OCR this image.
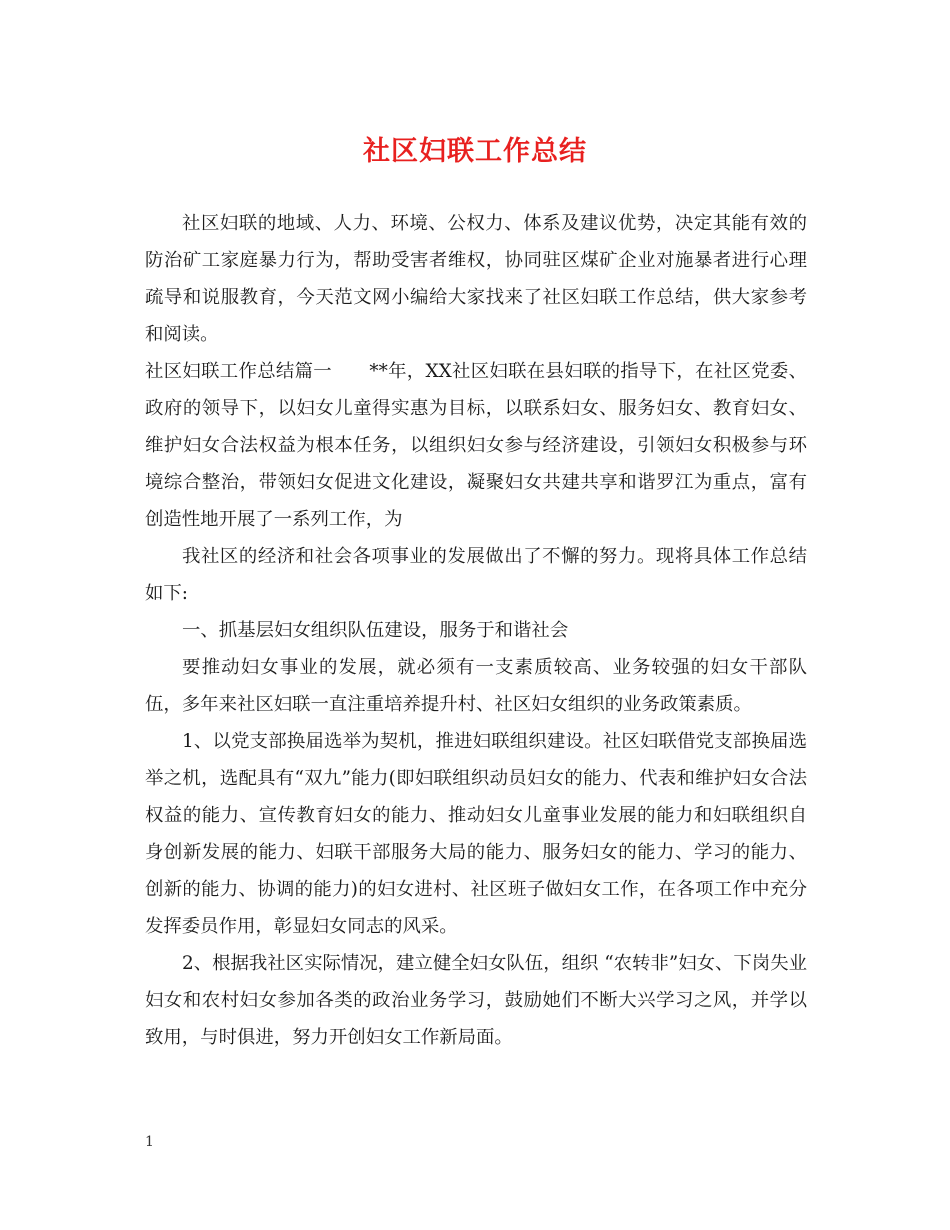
社区妇联工作总结

社区妇联的地域、人力、环境、公权力、体系及建议优势，决定其能有效的防治矿工家庭暴力行为，帮助受害者维权，协同驻区煤矿企业对施暴者进行心理疏导和说服教育，今天范文网小编给大家找来了社区妇联工作总结，供大家参考和阅读。

社区妇联工作总结篇一　　**年，XX社区妇联在县妇联的指导下，在社区党委、政府的领导下，以妇女儿童得实惠为目标，以联系妇女、服务妇女、教育妇女、维护妇女合法权益为根本任务，以组织妇女参与经济建设，引领妇女积极参与环境综合整治，带领妇女促进文化建设，凝聚妇女共建共享和谐罗江为重点，富有创造性地开展了一系列工作，为

我社区的经济和社会各项事业的发展做出了不懈的努力。现将具体工作总结如下:

一、抓基层妇女组织队伍建设，服务于和谐社会

要推动妇女事业的发展，就必须有一支素质较高、业务较强的妇女干部队伍，多年来社区妇联一直注重培养提升村、社区妇女组织的业务政策素质。

1、以党支部换届选举为契机，推进妇联组织建设。社区妇联借党支部换届选举之机，选配具有“双九”能力(即妇联组织动员妇女的能力、代表和维护妇女合法权益的能力、宣传教育妇女的能力、推动妇女儿童事业发展的能力和妇联组织自身创新发展的能力、妇联干部服务大局的能力、服务妇女的能力、学习的能力、创新的能力、协调的能力)的妇女进村、社区班子做妇女工作，在各项工作中充分发挥委员作用，彰显妇女同志的风采。

2、根据我社区实际情况，建立健全妇女队伍，组织 “农转非”妇女、下岗失业妇女和农村妇女参加各类的政治业务学习，鼓励她们不断大兴学习之风，并学以致用，与时俱进，努力开创妇女工作新局面。

1
